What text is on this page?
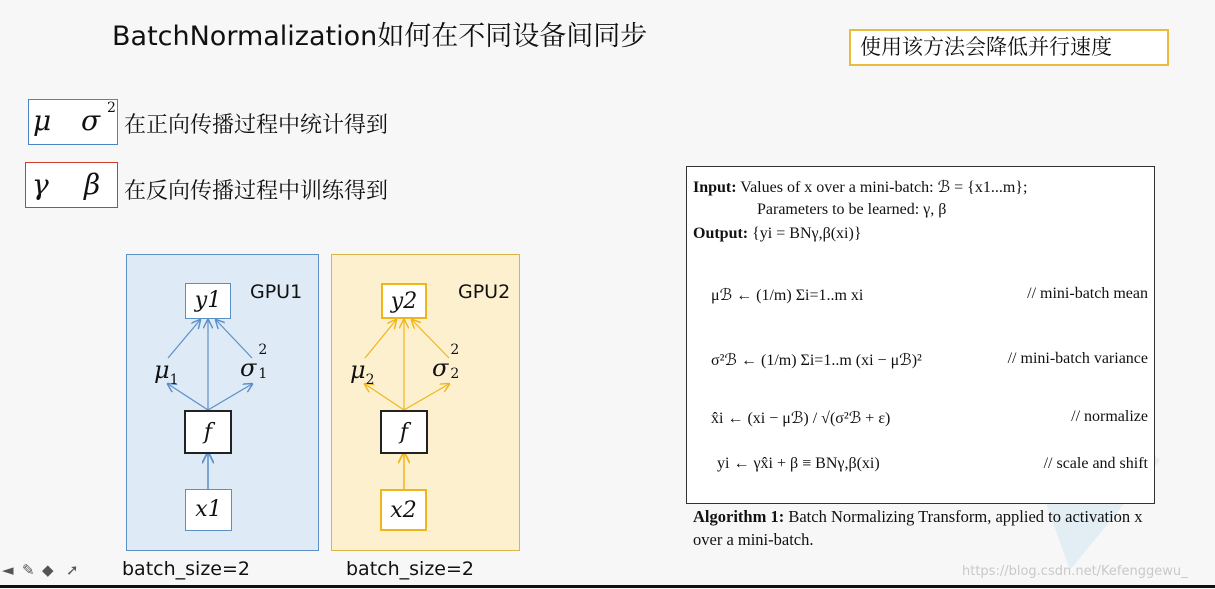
BatchNormalization如何在不同设备间同步	使用该方法会降低并行速度
μ σ 2
在正向传播过程中统计得到
γ β 在反向传播过程中训练得到
y1	GPU1
$\mu_1$	σ
2
1
f
x1
y2	GPU2
$\mu_2$ σ
2
2
f
x2
batch_size=2	batch_size=2
Input: Values of x over a mini-batch: ℬ = {x1...m};
Parameters to be learned: γ, β
Output: {yi = BNγ,β(xi)}
μℬ ← (1/m) Σi=1..m xi	// mini-batch mean
σ²ℬ ← (1/m) Σi=1..m (xi − μℬ)²	// mini-batch variance
x̂i ← (xi − μℬ) / √(σ²ℬ + ε)	// normalize
yi ← γx̂i + β ≡ BNγ,β(xi)	// scale and shift
Algorithm 1: Batch Normalizing Transform, applied to activation x over a mini-batch.
◄ ✎ ◆ ➚	https://blog.csdn.net/Kefenggewu_
